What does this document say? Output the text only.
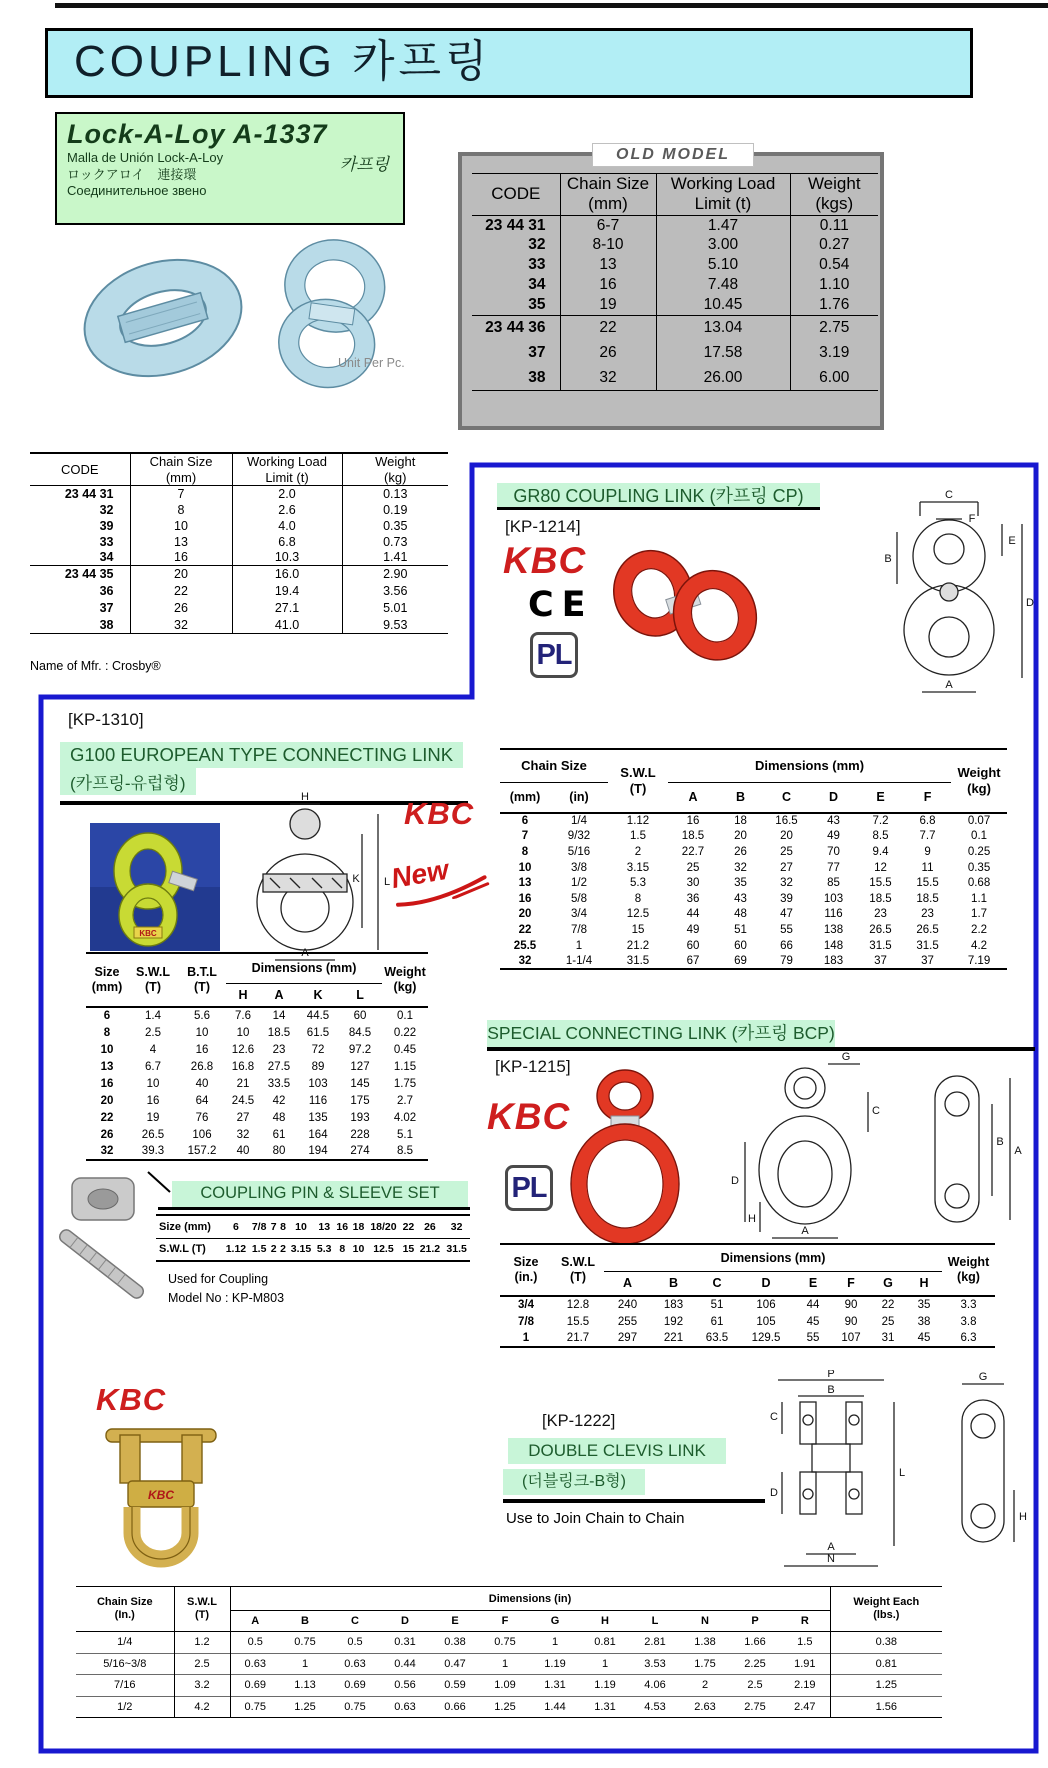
COUPLING 카프링
Lock-A-Loy A-1337
카프링
Malla de Unión Lock-A-Loy
ロックアロイ　連接環
Соединительное звено
Unit Per Pc.
OLD MODEL
CODE

Chain Size
(mm)

Working Load
Limit (t)

Weight
(kgs)

23 44 31	6-7	1.47	0.11
32	8-10	3.00	0.27
33	13	5.10	0.54
34	16	7.48	1.10
35	19	10.45	1.76
23 44 36	22	13.04	2.75
37	26	17.58	3.19
38	32	26.00	6.00
CODE

Chain Size
(mm)

Working Load
Limit (t)

Weight
(kg)

23 44 31	7	2.0	0.13
32	8	2.6	0.19
39	10	4.0	0.35
33	13	6.8	0.73
34	16	10.3	1.41
23 44 35	20	16.0	2.90
36	22	19.4	3.56
37	26	27.1	5.01
38	32	41.0	9.53
Name of Mfr. : Crosby®
GR80 COUPLING LINK (카프링 CP)
[KP-1214]
KBC
CE
PL
C
F
E
B
D
A
Chain Size	S.W.L
(T)
	Dimensions (mm)	Weight
(kg)

(mm)	(in)		A	B	C	D	E	F	
6	1/4	1.12	16	18	16.5	43	7.2	6.8	0.07
7	9/32	1.5	18.5	20	20	49	8.5	7.7	0.1
8	5/16	2	22.7	26	25	70	9.4	9	0.25
10	3/8	3.15	25	32	27	77	12	11	0.35
13	1/2	5.3	30	35	32	85	15.5	15.5	0.68
16	5/8	8	36	43	39	103	18.5	18.5	1.1
20	3/4	12.5	44	48	47	116	23	23	1.7
22	7/8	15	49	51	55	138	26.5	26.5	2.2
25.5	1	21.2	60	60	66	148	31.5	31.5	4.2
32	1-1/4	31.5	67	69	79	183	37	37	7.19
SPECIAL CONNECTING LINK (카프링 BCP)
[KP-1215]
KBC
PL
G
C
D
H
A
B
A
Size
(in.)

S.W.L
(T)
	Dimensions (mm)	Weight
(kg)

		A	B	C	D	E	F	G	H	
3/4	12.8	240	183	51	106	44	90	22	35	3.3
7/8	15.5	255	192	61	105	45	90	25	38	3.8
1	21.7	297	221	63.5	129.5	55	107	31	45	6.3
[KP-1310]
G100 EUROPEAN TYPE CONNECTING LINK
(카프링-유럽형)
KBC
H
K L
A
KBC
New
Size
(mm)

S.W.L
(T)

B.T.L
(T)
	Dimensions (mm)	Weight
(kg)

			H	A	K	L	
6	1.4	5.6	7.6	14	44.5	60	0.1
8	2.5	10	10	18.5	61.5	84.5	0.22
10	4	16	12.6	23	72	97.2	0.45
13	6.7	26.8	16.8	27.5	89	127	1.15
16	10	40	21	33.5	103	145	1.75
20	16	64	24.5	42	116	175	2.7
22	19	76	27	48	135	193	4.02
26	26.5	106	32	61	164	228	5.1
32	39.3	157.2	40	80	194	274	8.5
COUPLING PIN & SLEEVE SET
Size (mm)	6	7/8	7	8	10	13	16	18	18/20	22	26	32
S.W.L (T)	1.12	1.5	2	2	3.15	5.3	8	10	12.5	15	21.2	31.5
Used for Coupling
Model No : KP-M803
KBC
KBC
[KP-1222]
DOUBLE CLEVIS LINK
(더블링크-B형)
Use to Join Chain to Chain
P
B
C
L
D
A
N
G
H
Chain Size
(In.)

S.W.L
(T)
	Dimensions (in)	Weight Each
(lbs.)

		A	B	C	D	E	F	G	H	L	N	P	R	
1/4	1.2	0.5	0.75	0.5	0.31	0.38	0.75	1	0.81	2.81	1.38	1.66	1.5	0.38
5/16~3/8	2.5	0.63	1	0.63	0.44	0.47	1	1.19	1	3.53	1.75	2.25	1.91	0.81
7/16	3.2	0.69	1.13	0.69	0.56	0.59	1.09	1.31	1.19	4.06	2	2.5	2.19	1.25
1/2	4.2	0.75	1.25	0.75	0.63	0.66	1.25	1.44	1.31	4.53	2.63	2.75	2.47	1.56
